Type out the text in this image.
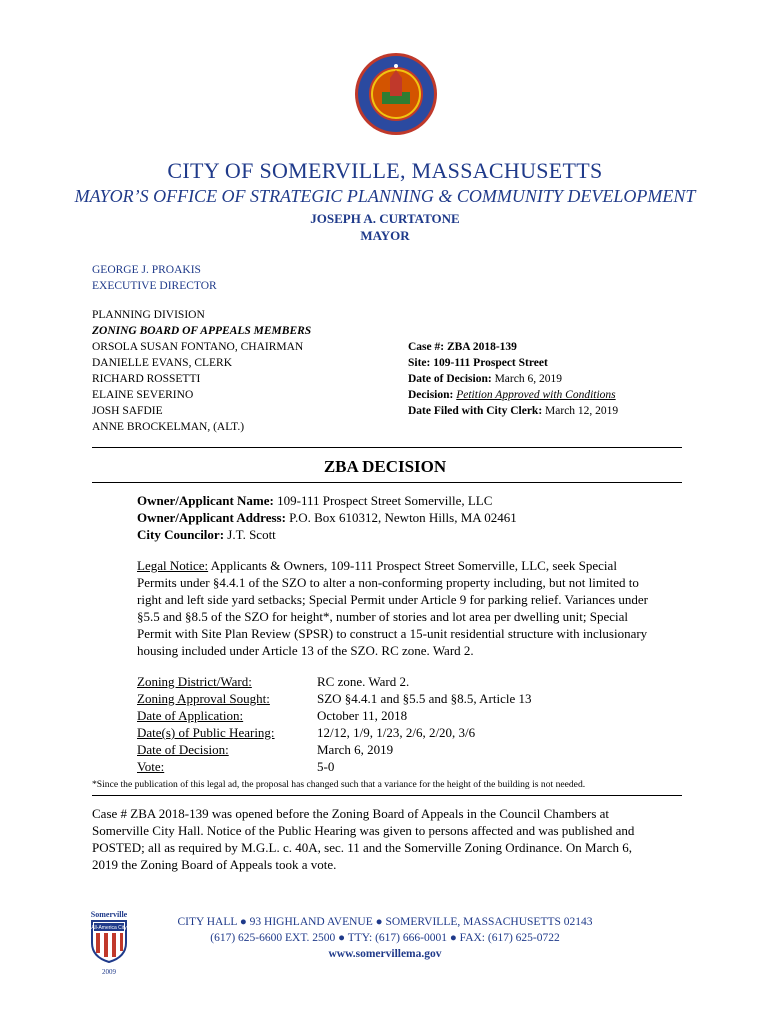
CITY OF SOMERVILLE, MASSACHUSETTS
MAYOR’S OFFICE OF STRATEGIC PLANNING & COMMUNITY DEVELOPMENT
JOSEPH A. CURTATONE
MAYOR
GEORGE J. PROAKIS
EXECUTIVE DIRECTOR
PLANNING DIVISION
ZONING BOARD OF APPEALS MEMBERS
ORSOLA SUSAN FONTANO, CHAIRMAN
DANIELLE EVANS, CLERK
RICHARD ROSSETTI
ELAINE SEVERINO
JOSH SAFDIE
ANNE BROCKELMAN, (ALT.)
Case #: ZBA 2018-139
Site: 109-111 Prospect Street
Date of Decision: March 6, 2019
Decision: Petition Approved with Conditions
Date Filed with City Clerk: March 12, 2019
ZBA DECISION
Owner/Applicant Name: 109-111 Prospect Street Somerville, LLC
Owner/Applicant Address: P.O. Box 610312, Newton Hills, MA 02461
City Councilor: J.T. Scott
Legal Notice: Applicants & Owners, 109-111 Prospect Street Somerville, LLC, seek Special
Permits under §4.4.1 of the SZO to alter a non-conforming property including, but not limited to
right and left side yard setbacks; Special Permit under Article 9 for parking relief. Variances under
§5.5 and §8.5 of the SZO for height*, number of stories and lot area per dwelling unit; Special
Permit with Site Plan Review (SPSR) to construct a 15-unit residential structure with inclusionary
housing included under Article 13 of the SZO. RC zone. Ward 2.
Zoning District/Ward:	RC zone. Ward 2.
Zoning Approval Sought:	SZO §4.4.1 and §5.5 and §8.5, Article 13
Date of Application:	October 11, 2018
Date(s) of Public Hearing:	12/12, 1/9, 1/23, 2/6, 2/20, 3/6
Date of Decision:	March 6, 2019
Vote:	5-0
*Since the publication of this legal ad, the proposal has changed such that a variance for the height of the building is not needed.
Case # ZBA 2018-139 was opened before the Zoning Board of Appeals in the Council Chambers at
Somerville City Hall. Notice of the Public Hearing was given to persons affected and was published and
POSTED; all as required by M.G.L. c. 40A, sec. 11 and the Somerville Zoning Ordinance. On March 6,
2019 the Zoning Board of Appeals took a vote.
Somerville
All-America City
2009
CITY HALL ● 93 HIGHLAND AVENUE ● SOMERVILLE, MASSACHUSETTS 02143
(617) 625-6600 EXT. 2500 ● TTY: (617) 666-0001 ● FAX: (617) 625-0722
www.somervillema.gov
